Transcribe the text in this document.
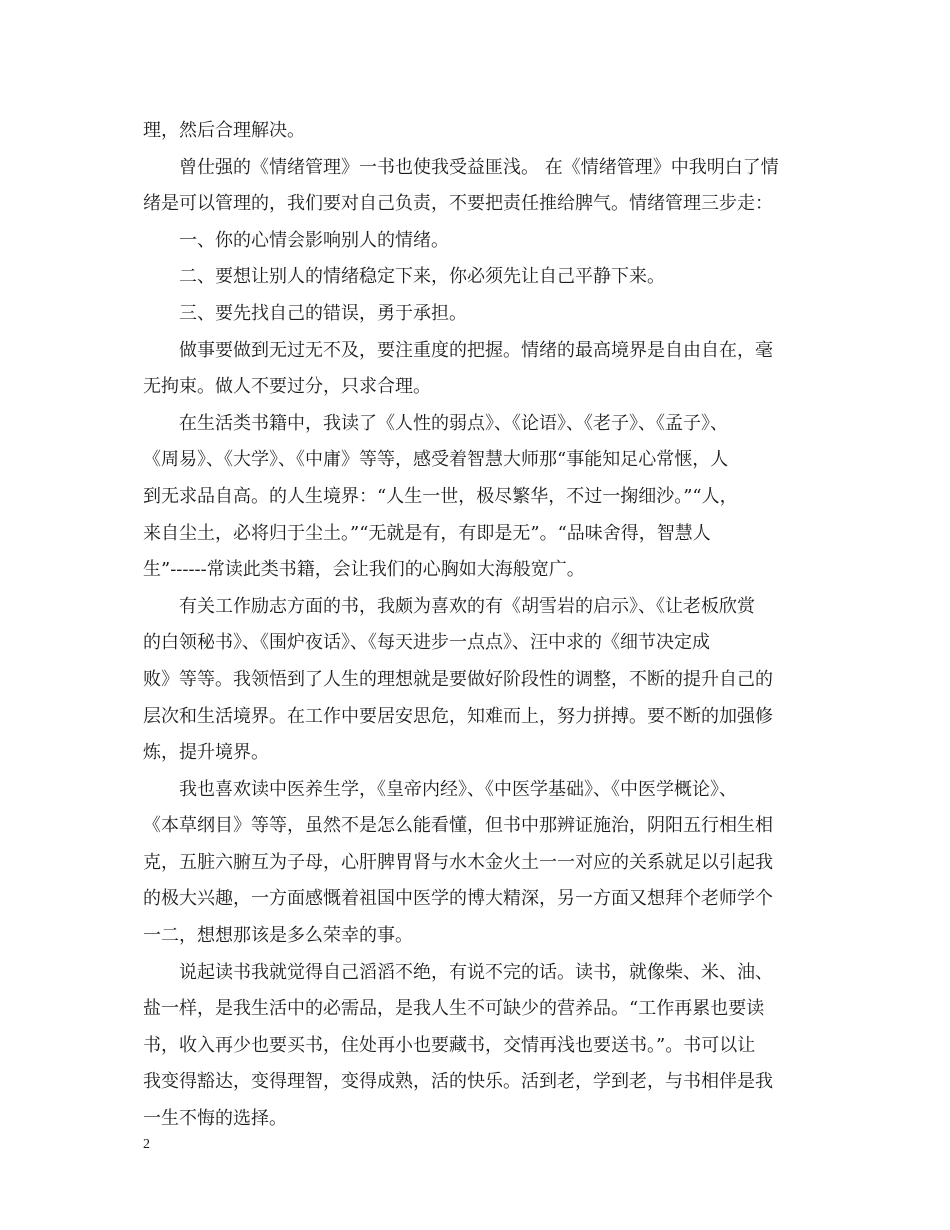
理，然后合理解决。
曾仕强的《情绪管理》一书也使我受益匪浅。 在《情绪管理》中我明白了情
绪是可以管理的，我们要对自己负责，不要把责任推给脾气。情绪管理三步走：
一、你的心情会影响别人的情绪。
二、要想让别人的情绪稳定下来，你必须先让自己平静下来。
三、要先找自己的错误，勇于承担。
做事要做到无过无不及，要注重度的把握。情绪的最高境界是自由自在，毫
无拘束。做人不要过分，只求合理。
在生活类书籍中，我读了《人性的弱点》、《论语》、《老子》、《孟子》、
《周易》、《大学》、《中庸》等等，感受着智慧大师那“事能知足心常惬，人
到无求品自高。的人生境界：“人生一世，极尽繁华，不过一掬细沙。”“人，
来自尘土，必将归于尘土。”“无就是有，有即是无”。“品味舍得，智慧人
生”------常读此类书籍，会让我们的心胸如大海般宽广。
有关工作励志方面的书，我颇为喜欢的有《胡雪岩的启示》、《让老板欣赏
的白领秘书》、《围炉夜话》、《每天进步一点点》、汪中求的《细节决定成
败》等等。我领悟到了人生的理想就是要做好阶段性的调整，不断的提升自己的
层次和生活境界。在工作中要居安思危，知难而上，努力拼搏。要不断的加强修
炼，提升境界。
我也喜欢读中医养生学，《皇帝内经》、《中医学基础》、《中医学概论》、
《本草纲目》等等，虽然不是怎么能看懂，但书中那辨证施治，阴阳五行相生相
克，五脏六腑互为子母，心肝脾胃肾与水木金火土一一对应的关系就足以引起我
的极大兴趣，一方面感慨着祖国中医学的博大精深，另一方面又想拜个老师学个
一二，想想那该是多么荣幸的事。
说起读书我就觉得自己滔滔不绝，有说不完的话。读书，就像柴、米、油、
盐一样，是我生活中的必需品，是我人生不可缺少的营养品。“工作再累也要读
书，收入再少也要买书，住处再小也要藏书，交情再浅也要送书。”。书可以让
我变得豁达，变得理智，变得成熟，活的快乐。活到老，学到老，与书相伴是我
一生不悔的选择。
2
